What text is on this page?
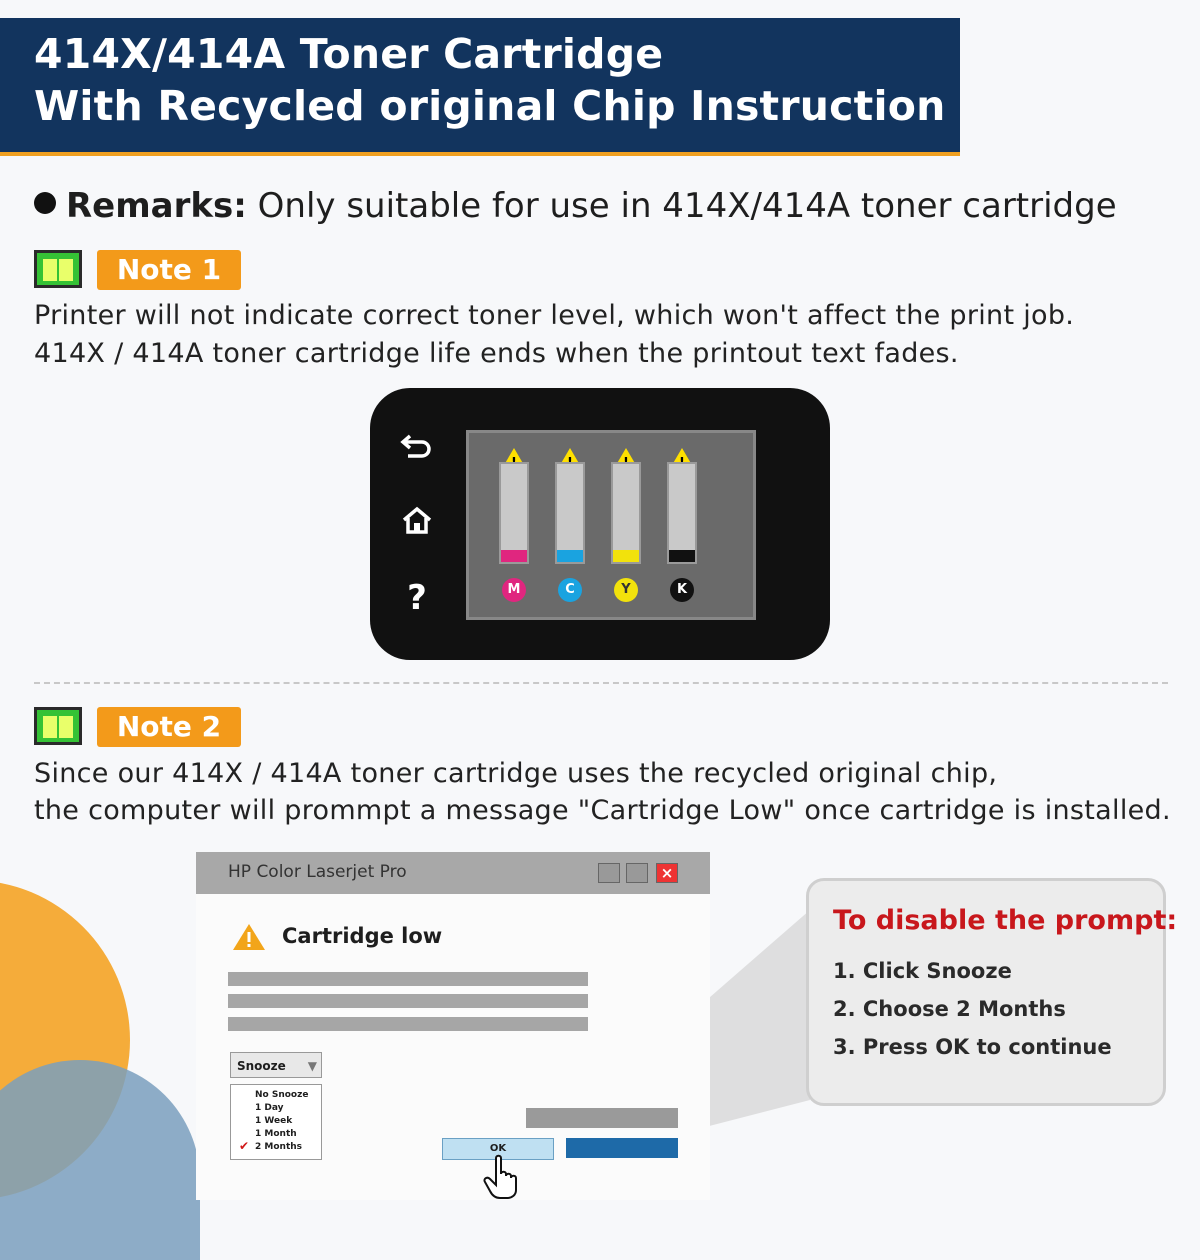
414X/414A Toner Cartridge
With Recycled original Chip Instruction
Remarks: Only suitable for use in 414X/414A toner cartridge
Note 1
Printer will not indicate correct toner level, which won't affect the print job.
414X / 414A toner cartridge life ends when the printout text fades.
?	M	C	Y	K
Note 2
Since our 414X / 414A toner cartridge uses the recycled original chip,
the computer will prommpt a message "Cartridge Low" once cartridge is installed.
HP Color Laserjet Pro	×
Cartridge low
Snooze ▼
No Snooze
1 Day
1 Week
1 Month
✔ 2 Months	OK
To disable the prompt:
1. Click Snooze
2. Choose 2 Months
3. Press OK to continue
